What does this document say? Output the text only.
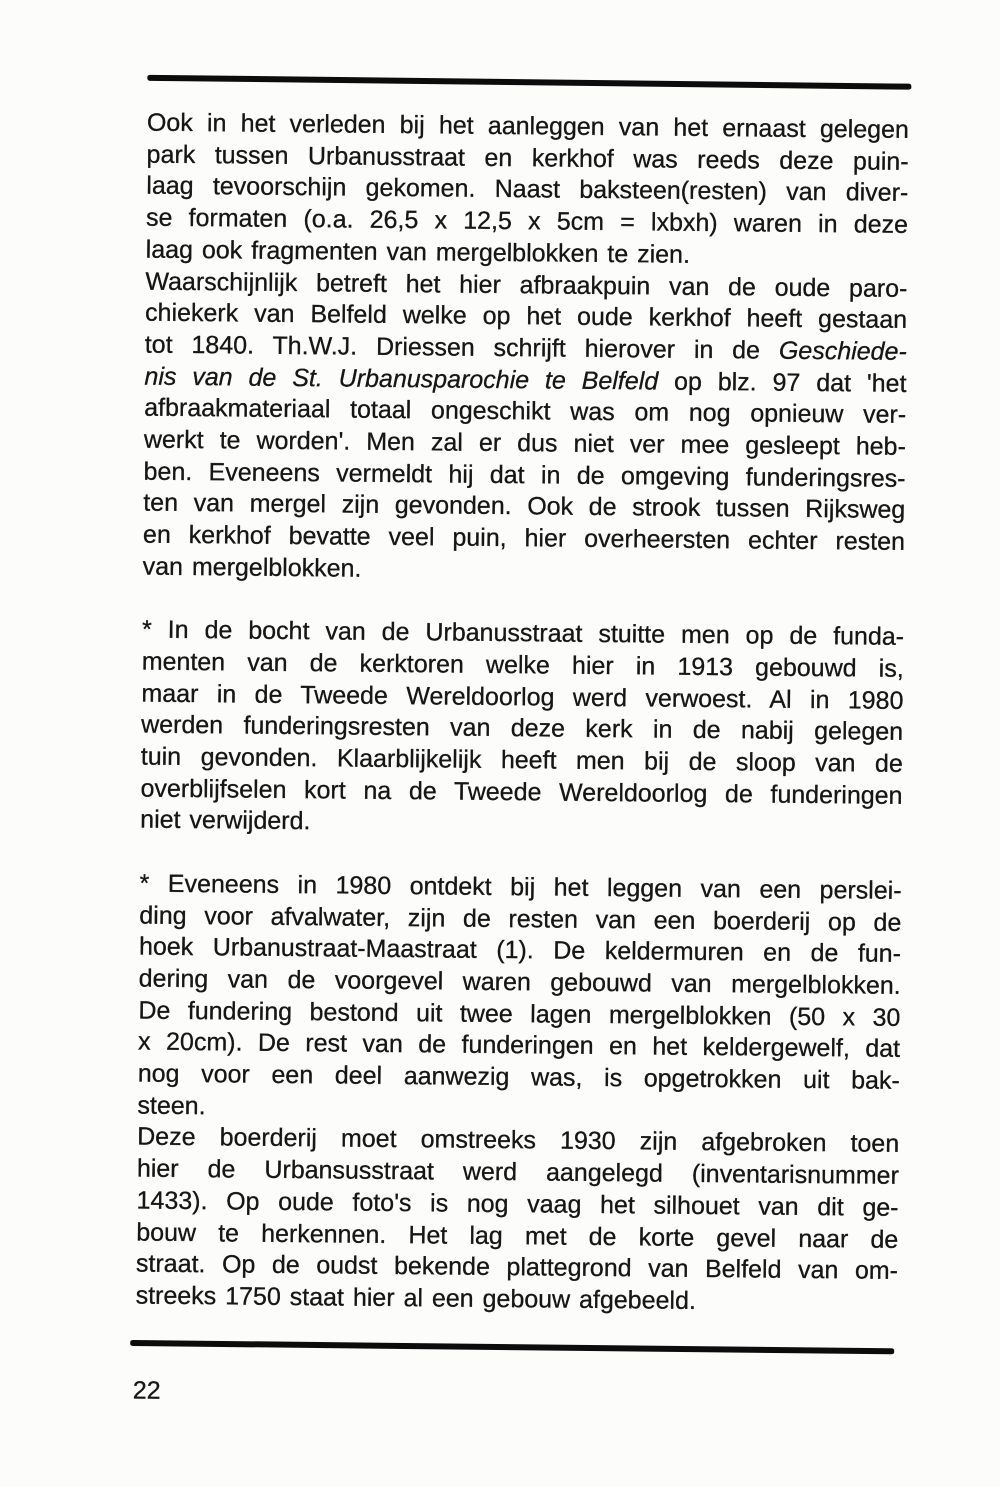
Ook in het verleden bij het aanleggen van het ernaast gelegen
park tussen Urbanusstraat en kerkhof was reeds deze puin-
laag tevoorschijn gekomen. Naast baksteen(resten) van diver-
se formaten (o.a. 26,5 x 12,5 x 5cm = lxbxh) waren in deze
laag ook fragmenten van mergelblokken te zien.

Waarschijnlijk betreft het hier afbraakpuin van de oude paro-
chiekerk van Belfeld welke op het oude kerkhof heeft gestaan
tot 1840. Th.W.J. Driessen schrijft hierover in de Geschiede-
nis van de St. Urbanusparochie te Belfeld op blz. 97 dat 'het
afbraakmateriaal totaal ongeschikt was om nog opnieuw ver-
werkt te worden'. Men zal er dus niet ver mee gesleept heb-
ben. Eveneens vermeldt hij dat in de omgeving funderingsres-
ten van mergel zijn gevonden. Ook de strook tussen Rijksweg
en kerkhof bevatte veel puin, hier overheersten echter resten
van mergelblokken.

* In de bocht van de Urbanusstraat stuitte men op de funda-
menten van de kerktoren welke hier in 1913 gebouwd is,
maar in de Tweede Wereldoorlog werd verwoest. Al in 1980
werden funderingsresten van deze kerk in de nabij gelegen
tuin gevonden. Klaarblijkelijk heeft men bij de sloop van de
overblijfselen kort na de Tweede Wereldoorlog de funderingen
niet verwijderd.

* Eveneens in 1980 ontdekt bij het leggen van een perslei-
ding voor afvalwater, zijn de resten van een boerderij op de
hoek Urbanustraat-Maastraat (1). De keldermuren en de fun-
dering van de voorgevel waren gebouwd van mergelblokken.
De fundering bestond uit twee lagen mergelblokken (50 x 30
x 20cm). De rest van de funderingen en het keldergewelf, dat
nog voor een deel aanwezig was, is opgetrokken uit bak-
steen.

Deze boerderij moet omstreeks 1930 zijn afgebroken toen
hier de Urbansusstraat werd aangelegd (inventarisnummer
1433). Op oude foto's is nog vaag het silhouet van dit ge-
bouw te herkennen. Het lag met de korte gevel naar de
straat. Op de oudst bekende plattegrond van Belfeld van om-
streeks 1750 staat hier al een gebouw afgebeeld.

22
